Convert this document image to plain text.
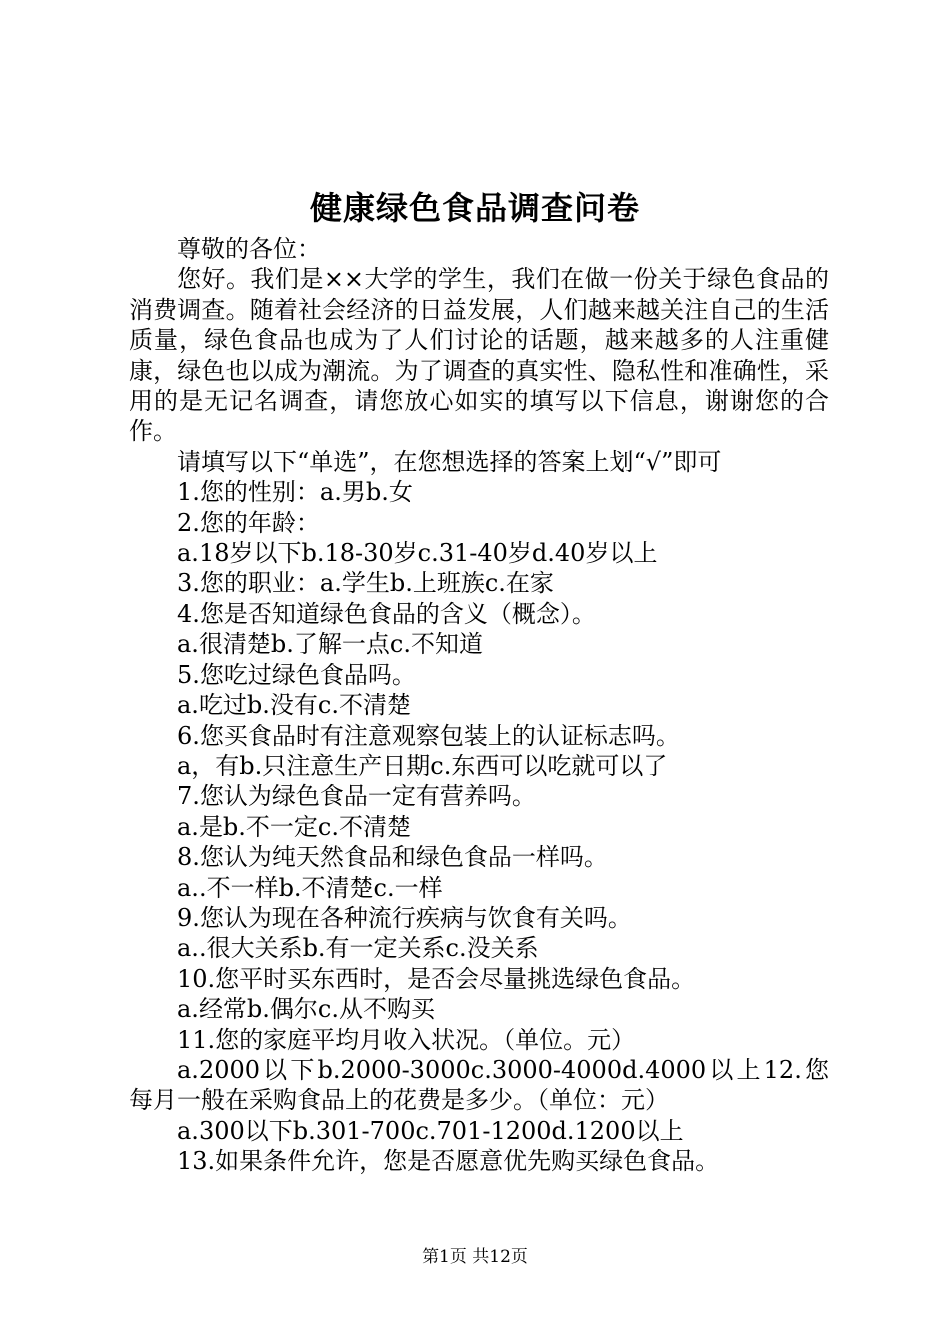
健康绿色食品调查问卷

尊敬的各位：

您好。我们是××大学的学生，我们在做一份关于绿色食品的消费调查。随着社会经济的日益发展，人们越来越关注自己的生活质量，绿色食品也成为了人们讨论的话题，越来越多的人注重健康，绿色也以成为潮流。为了调查的真实性、隐私性和准确性，采用的是无记名调查，请您放心如实的填写以下信息，谢谢您的合作。

请填写以下“单选”，在您想选择的答案上划“√”即可

1.您的性别：a.男b.女

2.您的年龄：

a.18岁以下b.18-30岁c.31-40岁d.40岁以上

3.您的职业：a.学生b.上班族c.在家

4.您是否知道绿色食品的含义（概念）。

a.很清楚b.了解一点c.不知道

5.您吃过绿色食品吗。

a.吃过b.没有c.不清楚

6.您买食品时有注意观察包装上的认证标志吗。

a，有b.只注意生产日期c.东西可以吃就可以了

7.您认为绿色食品一定有营养吗。

a.是b.不一定c.不清楚

8.您认为纯天然食品和绿色食品一样吗。

a..不一样b.不清楚c.一样

9.您认为现在各种流行疾病与饮食有关吗。

a..很大关系b.有一定关系c.没关系

10.您平时买东西时，是否会尽量挑选绿色食品。

a.经常b.偶尔c.从不购买

11.您的家庭平均月收入状况。（单位。元）

a.2000以下b.2000-3000c.3000-4000d.4000以上12.您每月一般在采购食品上的花费是多少。（单位：元）

a.300以下b.301-700c.701-1200d.1200以上

13.如果条件允许，您是否愿意优先购买绿色食品。

第1页 共12页
